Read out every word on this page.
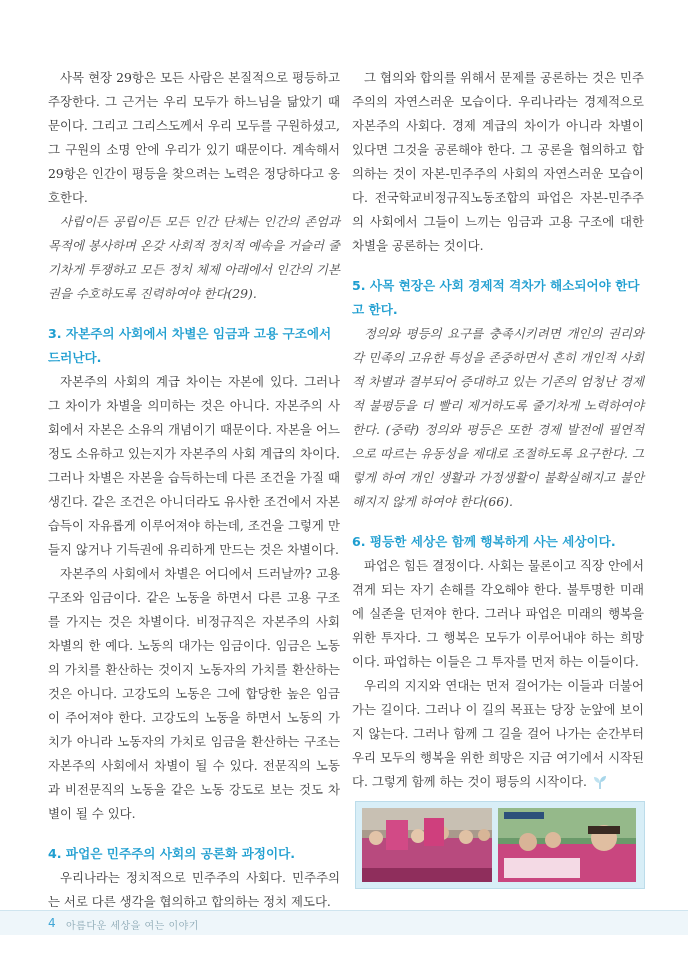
사목 현장 29항은 모든 사람은 본질적으로 평등하고 주장한다. 그 근거는 우리 모두가 하느님을 닮았기 때문이다. 그리고 그리스도께서 우리 모두를 구원하셨고, 그 구원의 소명 안에 우리가 있기 때문이다. 계속해서 29항은 인간이 평등을 찾으려는 노력은 정당하다고 옹호한다.

사립이든 공립이든 모든 인간 단체는 인간의 존엄과 목적에 봉사하며 온갖 사회적 정치적 예속을 거슬러 줄기차게 투쟁하고 모든 정치 체제 아래에서 인간의 기본권을 수호하도록 진력하여야 한다(29).

3. 자본주의 사회에서 차별은 임금과 고용 구조에서 드러난다.

자본주의 사회의 계급 차이는 자본에 있다. 그러나 그 차이가 차별을 의미하는 것은 아니다. 자본주의 사회에서 자본은 소유의 개념이기 때문이다. 자본을 어느 정도 소유하고 있는지가 자본주의 사회 계급의 차이다. 그러나 차별은 자본을 습득하는데 다른 조건을 가질 때 생긴다. 같은 조건은 아니더라도 유사한 조건에서 자본 습득이 자유롭게 이루어져야 하는데, 조건을 그렇게 만들지 않거나 기득권에 유리하게 만드는 것은 차별이다.

자본주의 사회에서 차별은 어디에서 드러날까? 고용 구조와 임금이다. 같은 노동을 하면서 다른 고용 구조를 가지는 것은 차별이다. 비정규직은 자본주의 사회 차별의 한 예다. 노동의 대가는 임금이다. 임금은 노동의 가치를 환산하는 것이지 노동자의 가치를 환산하는 것은 아니다. 고강도의 노동은 그에 합당한 높은 임금이 주어져야 한다. 고강도의 노동을 하면서 노동의 가치가 아니라 노동자의 가치로 임금을 환산하는 구조는 자본주의 사회에서 차별이 될 수 있다. 전문직의 노동과 비전문직의 노동을 같은 노동 강도로 보는 것도 차별이 될 수 있다.

4. 파업은 민주주의 사회의 공론화 과정이다.

우리나라는 정치적으로 민주주의 사회다. 민주주의는 서로 다른 생각을 협의하고 합의하는 정치 제도다.

그 협의와 합의를 위해서 문제를 공론하는 것은 민주주의의 자연스러운 모습이다. 우리나라는 경제적으로 자본주의 사회다. 경제 계급의 차이가 아니라 차별이 있다면 그것을 공론해야 한다. 그 공론을 협의하고 합의하는 것이 자본-민주주의 사회의 자연스러운 모습이다. 전국학교비정규직노동조합의 파업은 자본-민주주의 사회에서 그들이 느끼는 임금과 고용 구조에 대한 차별을 공론하는 것이다.

5. 사목 현장은 사회 경제적 격차가 해소되어야 한다고 한다.

정의와 평등의 요구를 충족시키려면 개인의 권리와 각 민족의 고유한 특성을 존중하면서 흔히 개인적 사회적 차별과 결부되어 증대하고 있는 기존의 엄청난 경제적 불평등을 더 빨리 제거하도록 줄기차게 노력하여야 한다. (중략) 정의와 평등은 또한 경제 발전에 필연적으로 따르는 유동성을 제대로 조절하도록 요구한다. 그렇게 하여 개인 생활과 가정생활이 불확실해지고 불안해지지 않게 하여야 한다(66).

6. 평등한 세상은 함께 행복하게 사는 세상이다.

파업은 힘든 결정이다. 사회는 물론이고 직장 안에서 겪게 되는 자기 손해를 각오해야 한다. 불투명한 미래에 실존을 던져야 한다. 그러나 파업은 미래의 행복을 위한 투자다. 그 행복은 모두가 이루어내야 하는 희망이다. 파업하는 이들은 그 투자를 먼저 하는 이들이다.

우리의 지지와 연대는 먼저 걸어가는 이들과 더불어 가는 길이다. 그러나 이 길의 목표는 당장 눈앞에 보이지 않는다. 그러나 함께 그 길을 걸어 나가는 순간부터 우리 모두의 행복을 위한 희망은 지금 여기에서 시작된다. 그렇게 함께 하는 것이 평등의 시작이다.

4 아름다운 세상을 여는 이야기
